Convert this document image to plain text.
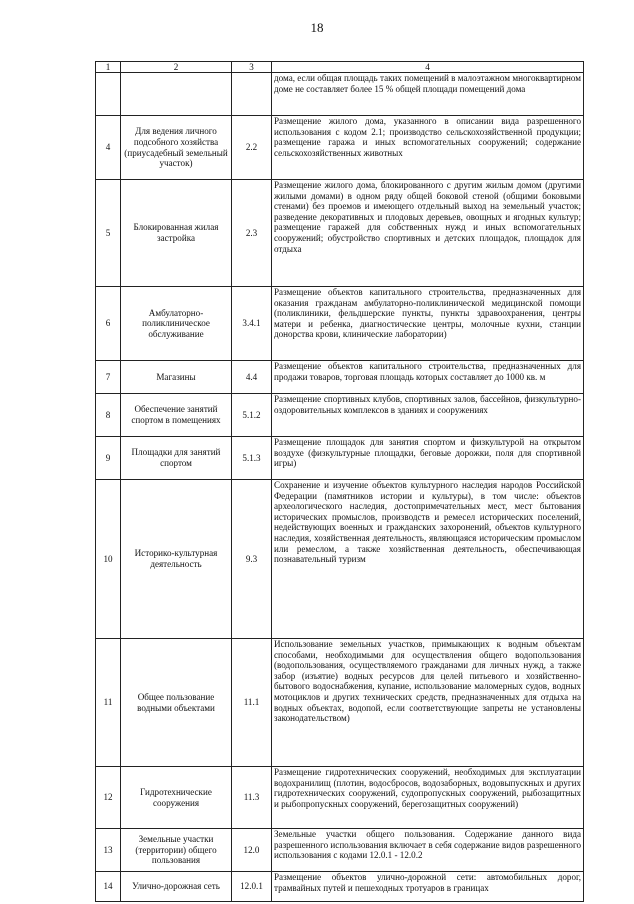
18
1	2	3	4
			дома, если общая площадь таких помещений в малоэтажном многоквартирном доме не составляет более 15 % общей площади помещений дома
4	Для ведения личного подсобного хозяйства (приусадебный земельный участок)	2.2	Размещение жилого дома, указанного в описании вида разрешенного использования с кодом 2.1; производство сельскохозяйственной продукции; размещение гаража и иных вспомогательных сооружений; содержание сельскохозяйственных животных
5	Блокированная жилая застройка	2.3	Размещение жилого дома, блокированного с другим жилым домом (другими жилыми домами) в одном ряду общей боковой стеной (общими боковыми стенами) без проемов и имеющего отдельный выход на земельный участок; разведение декоративных и плодовых деревьев, овощных и ягодных культур; размещение гаражей для собственных нужд и иных вспомогательных сооружений; обустройство спортивных и детских площадок, площадок для отдыха
6	Амбулаторно-поликлиническое обслуживание	3.4.1	Размещение объектов капитального строительства, предназначенных для оказания гражданам амбулаторно-поликлинической медицинской помощи (поликлиники, фельдшерские пункты, пункты здравоохранения, центры матери и ребенка, диагностические центры, молочные кухни, станции донорства крови, клинические лаборатории)
7	Магазины	4.4	Размещение объектов капитального строительства, предназначенных для продажи товаров, торговая площадь которых составляет до 1000 кв. м
8	Обеспечение занятий спортом в помещениях	5.1.2	Размещение спортивных клубов, спортивных залов, бассейнов, физкультурно-оздоровительных комплексов в зданиях и сооружениях
9	Площадки для занятий спортом	5.1.3	Размещение площадок для занятия спортом и физкультурой на открытом воздухе (физкультурные площадки, беговые дорожки, поля для спортивной игры)
10	Историко-культурная деятельность	9.3	Сохранение и изучение объектов культурного наследия народов Российской Федерации (памятников истории и культуры), в том числе: объектов археологического наследия, достопримечательных мест, мест бытования исторических промыслов, производств и ремесел исторических поселений, недействующих военных и гражданских захоронений, объектов культурного наследия, хозяйственная деятельность, являющаяся историческим промыслом или ремеслом, а также хозяйственная деятельность, обеспечивающая познавательный туризм
11	Общее пользование водными объектами	11.1	Использование земельных участков, примыкающих к водным объектам способами, необходимыми для осуществления общего водопользования (водопользования, осуществляемого гражданами для личных нужд, а также забор (изъятие) водных ресурсов для целей питьевого и хозяйственно-бытового водоснабжения, купание, использование маломерных судов, водных мотоциклов и других технических средств, предназначенных для отдыха на водных объектах, водопой, если соответствующие запреты не установлены законодательством)
12	Гидротехнические сооружения	11.3	Размещение гидротехнических сооружений, необходимых для эксплуатации водохранилищ (плотин, водосбросов, водозаборных, водовыпускных и других гидротехнических сооружений, судопропускных сооружений, рыбозащитных и рыбопропускных сооружений, берегозащитных сооружений)
13	Земельные участки (территории) общего пользования	12.0	Земельные участки общего пользования. Содержание данного вида разрешенного использования включает в себя содержание видов разрешенного использования с кодами 12.0.1 - 12.0.2
14	Улично-дорожная сеть	12.0.1	Размещение объектов улично-дорожной сети: автомобильных дорог, трамвайных путей и пешеходных тротуаров в границах
